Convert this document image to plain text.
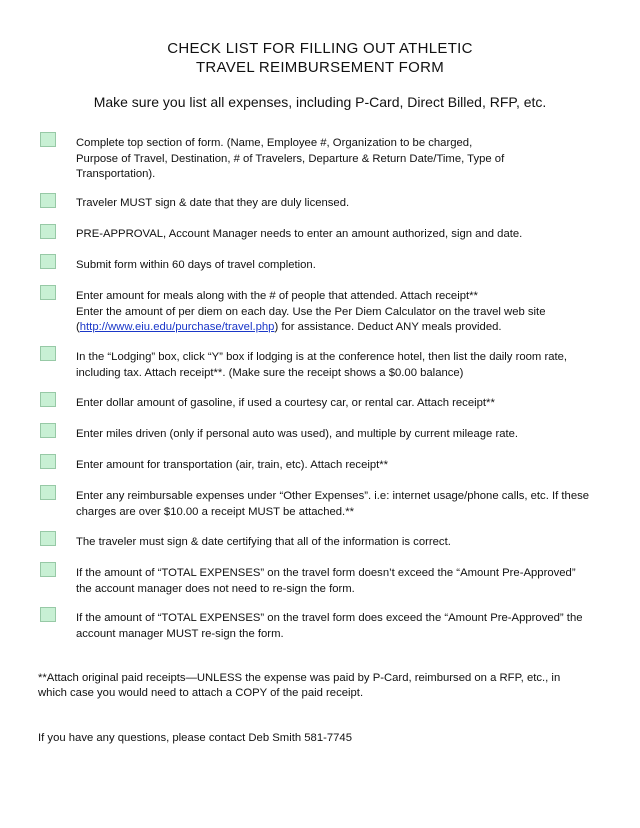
CHECK LIST FOR FILLING OUT ATHLETIC
TRAVEL REIMBURSEMENT FORM
Make sure you list all expenses, including P-Card, Direct Billed, RFP, etc.
Complete top section of form. (Name, Employee #, Organization to be charged,
Purpose of Travel, Destination, # of Travelers, Departure & Return Date/Time, Type of
Transportation).
Traveler MUST sign & date that they are duly licensed.
PRE-APPROVAL, Account Manager needs to enter an amount authorized, sign and date.
Submit form within 60 days of travel completion.
Enter amount for meals along with the # of people that attended. Attach receipt**
Enter the amount of per diem on each day. Use the Per Diem Calculator on the travel web site
(http://www.eiu.edu/purchase/travel.php) for assistance. Deduct ANY meals provided.
In the “Lodging” box, click “Y” box if lodging is at the conference hotel, then list the daily room rate,
including tax. Attach receipt**. (Make sure the receipt shows a $0.00 balance)
Enter dollar amount of gasoline, if used a courtesy car, or rental car. Attach receipt**
Enter miles driven (only if personal auto was used), and multiple by current mileage rate.
Enter amount for transportation (air, train, etc). Attach receipt**
Enter any reimbursable expenses under “Other Expenses”. i.e: internet usage/phone calls, etc. If these
charges are over $10.00 a receipt MUST be attached.**
The traveler must sign & date certifying that all of the information is correct.
If the amount of “TOTAL EXPENSES” on the travel form doesn’t exceed the “Amount Pre-Approved”
the account manager does not need to re-sign the form.
If the amount of “TOTAL EXPENSES” on the travel form does exceed the “Amount Pre-Approved” the
account manager MUST re-sign the form.
**Attach original paid receipts—UNLESS the expense was paid by P-Card, reimbursed on a RFP, etc., in
which case you would need to attach a COPY of the paid receipt.
If you have any questions, please contact Deb Smith 581-7745
